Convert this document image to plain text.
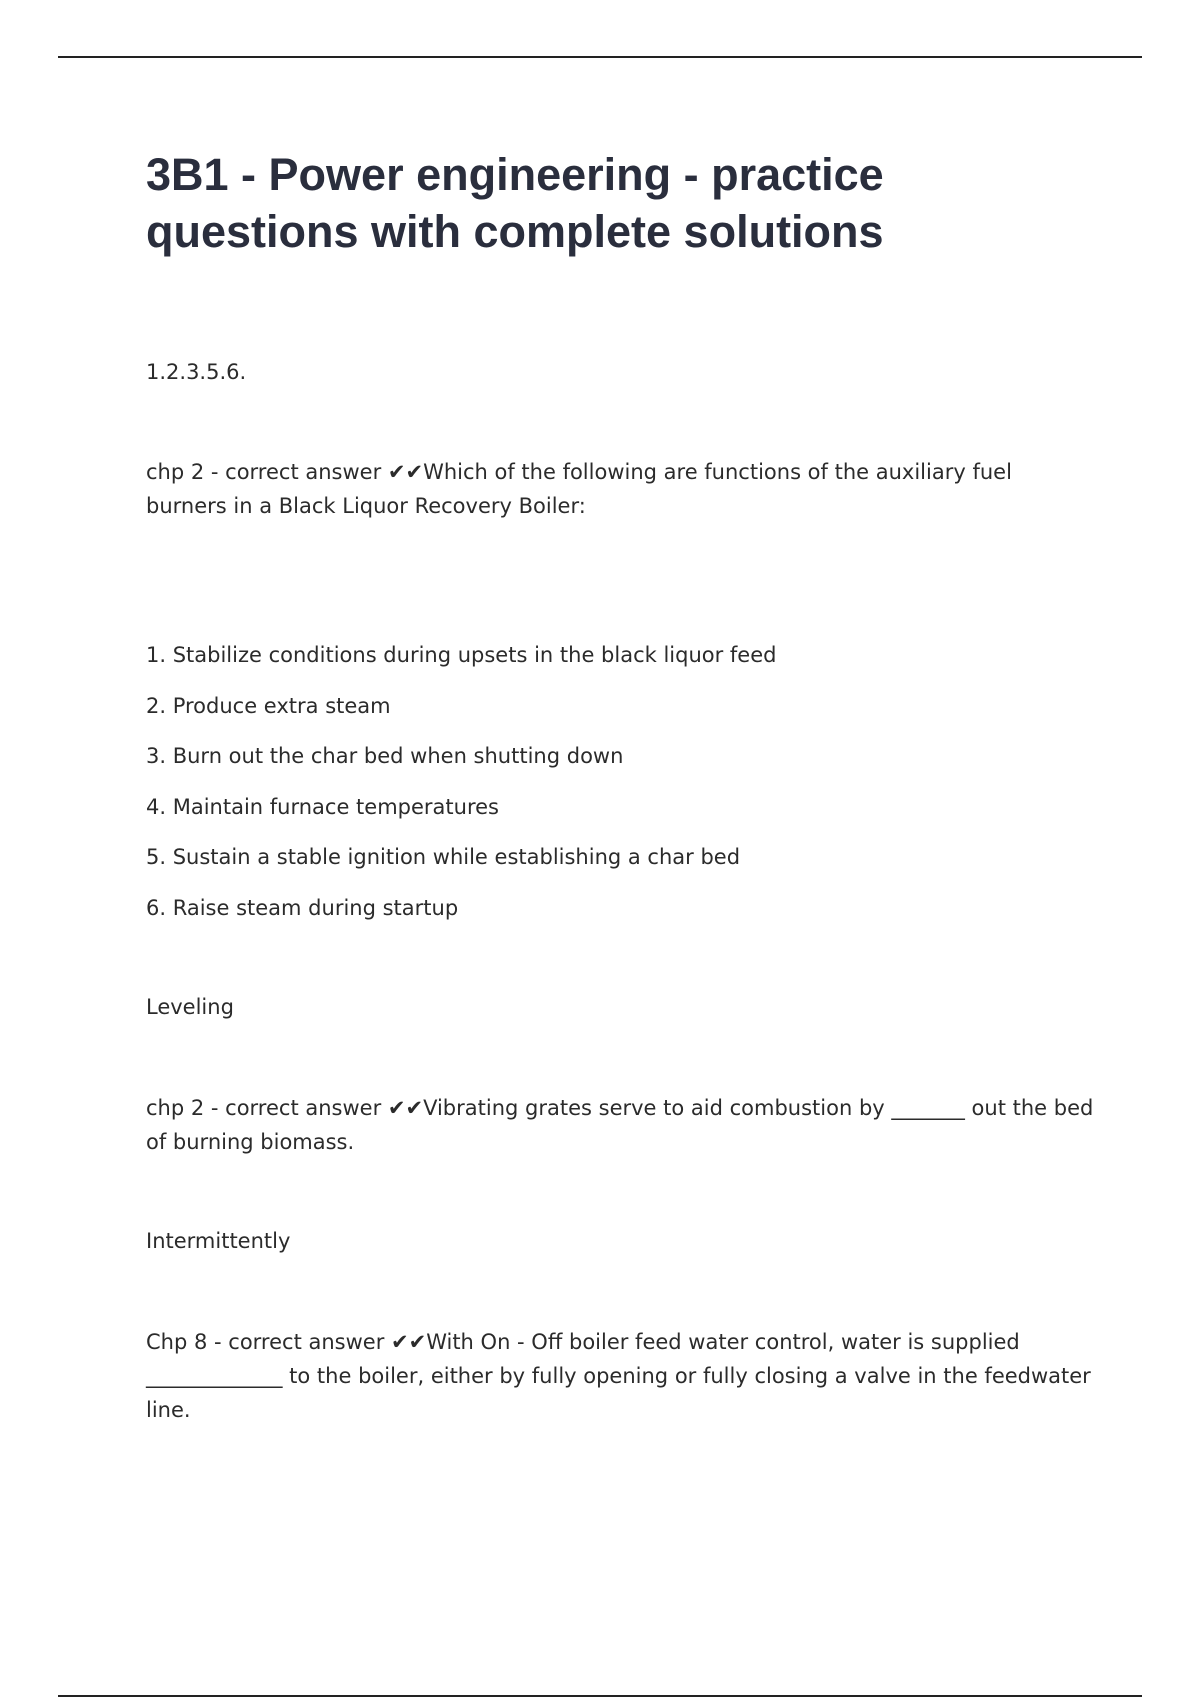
3B1 - Power engineering - practice questions with complete solutions

1.2.3.5.6.

chp 2 - correct answer ✔✔Which of the following are functions of the auxiliary fuel burners in a Black Liquor Recovery Boiler:

1. Stabilize conditions during upsets in the black liquor feed
2. Produce extra steam
3. Burn out the char bed when shutting down
4. Maintain furnace temperatures
5. Sustain a stable ignition while establishing a char bed
6. Raise steam during startup

Leveling

chp 2 - correct answer ✔✔Vibrating grates serve to aid combustion by _______ out the bed of burning biomass.

Intermittently

Chp 8 - correct answer ✔✔With On - Off boiler feed water control, water is supplied _____________ to the boiler, either by fully opening or fully closing a valve in the feedwater line.
